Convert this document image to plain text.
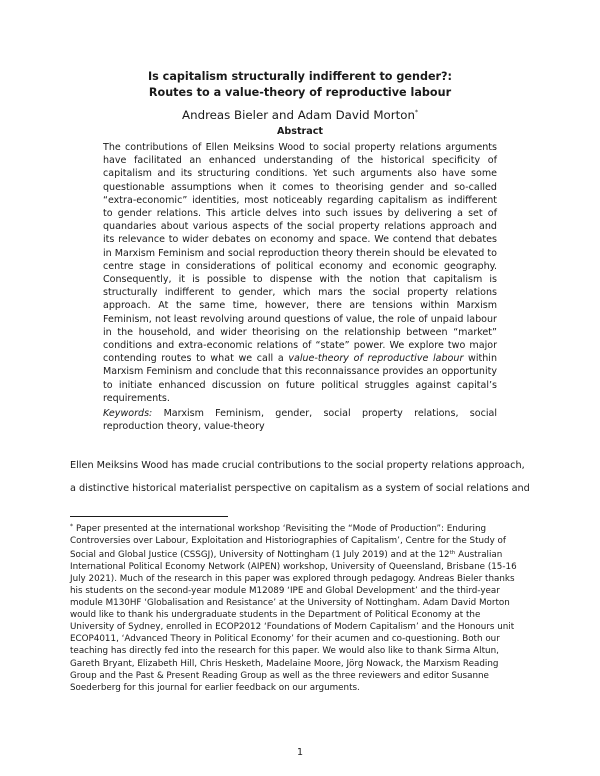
Is capitalism structurally indifferent to gender?:
Routes to a value-theory of reproductive labour
Andreas Bieler and Adam David Morton*
Abstract

The contributions of Ellen Meiksins Wood to social property relations arguments have facilitated an enhanced understanding of the historical specificity of capitalism and its structuring conditions. Yet such arguments also have some questionable assumptions when it comes to theorising gender and so-called “extra-economic” identities, most noticeably regarding capitalism as indifferent to gender relations. This article delves into such issues by delivering a set of quandaries about various aspects of the social property relations approach and its relevance to wider debates on economy and space. We contend that debates in Marxism Feminism and social reproduction theory therein should be elevated to centre stage in considerations of political economy and economic geography. Consequently, it is possible to dispense with the notion that capitalism is structurally indifferent to gender, which mars the social property relations approach. At the same time, however, there are tensions within Marxism Feminism, not least revolving around questions of value, the role of unpaid labour in the household, and wider theorising on the relationship between “market” conditions and extra-economic relations of “state” power. We explore two major contending routes to what we call a value-theory of reproductive labour within Marxism Feminism and conclude that this reconnaissance provides an opportunity to initiate enhanced discussion on future political struggles against capital’s requirements.

Keywords: Marxism Feminism, gender, social property relations, social reproduction theory, value-theory

Ellen Meiksins Wood has made crucial contributions to the social property relations approach,
a distinctive historical materialist perspective on capitalism as a system of social relations and

* Paper presented at the international workshop ‘Revisiting the “Mode of Production”: Enduring Controversies over Labour, Exploitation and Historiographies of Capitalism’, Centre for the Study of Social and Global Justice (CSSGJ), University of Nottingham (1 July 2019) and at the 12th Australian International Political Economy Network (AIPEN) workshop, University of Queensland, Brisbane (15-16 July 2021). Much of the research in this paper was explored through pedagogy. Andreas Bieler thanks his students on the second-year module M12089 ‘IPE and Global Development’ and the third-year module M130HF ‘Globalisation and Resistance’ at the University of Nottingham. Adam David Morton would like to thank his undergraduate students in the Department of Political Economy at the University of Sydney, enrolled in ECOP2012 ‘Foundations of Modern Capitalism’ and the Honours unit ECOP4011, ‘Advanced Theory in Political Economy’ for their acumen and co-questioning. Both our teaching has directly fed into the research for this paper. We would also like to thank Sirma Altun, Gareth Bryant, Elizabeth Hill, Chris Hesketh, Madelaine Moore, Jörg Nowack, the Marxism Reading Group and the Past & Present Reading Group as well as the three reviewers and editor Susanne Soederberg for this journal for earlier feedback on our arguments.

1
